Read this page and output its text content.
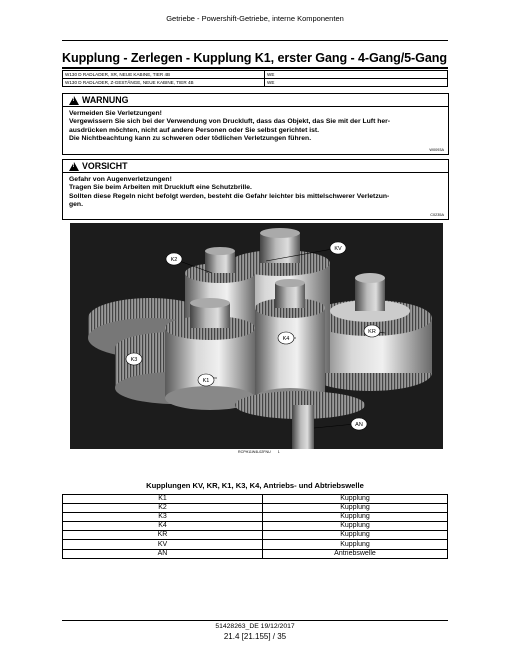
Getriebe - Powershift-Getriebe, interne Komponenten
Kupplung - Zerlegen - Kupplung K1, erster Gang - 4-Gang/5-Gang
W130 D RADLADER, XR, NEUE KABINE, TIER 4B	WE
W130 D RADLADER, Z-GESTÄNGE, NEUE KABINE, TIER 4B	WE
! WARNUNG
Vermeiden Sie Verletzungen!
Vergewissern Sie sich bei der Verwendung von Druckluft, dass das Objekt, das Sie mit der Luft her-
ausdrücken möchten, nicht auf andere Personen oder Sie selbst gerichtet ist.
Die Nichtbeachtung kann zu schweren oder tödlichen Verletzungen führen.
W0093A
! VORSICHT
Gefahr von Augenverletzungen!
Tragen Sie beim Arbeiten mit Druckluft eine Schutzbrille.
Sollten diese Regeln nicht befolgt werden, besteht die Gefahr leichter bis mittelschwerer Verletzun-
gen.
C0235A
KV
K2
KR
K3
K4
K1
AN
RCPH11W4L02FNU 1
Kupplungen KV, KR, K1, K3, K4, Antriebs- und Abtriebswelle
K1	Kupplung
K2	Kupplung
K3	Kupplung
K4	Kupplung
KR	Kupplung
KV	Kupplung
AN	Antriebswelle
51428263_DE 19/12/2017
21.4 [21.155] / 35
